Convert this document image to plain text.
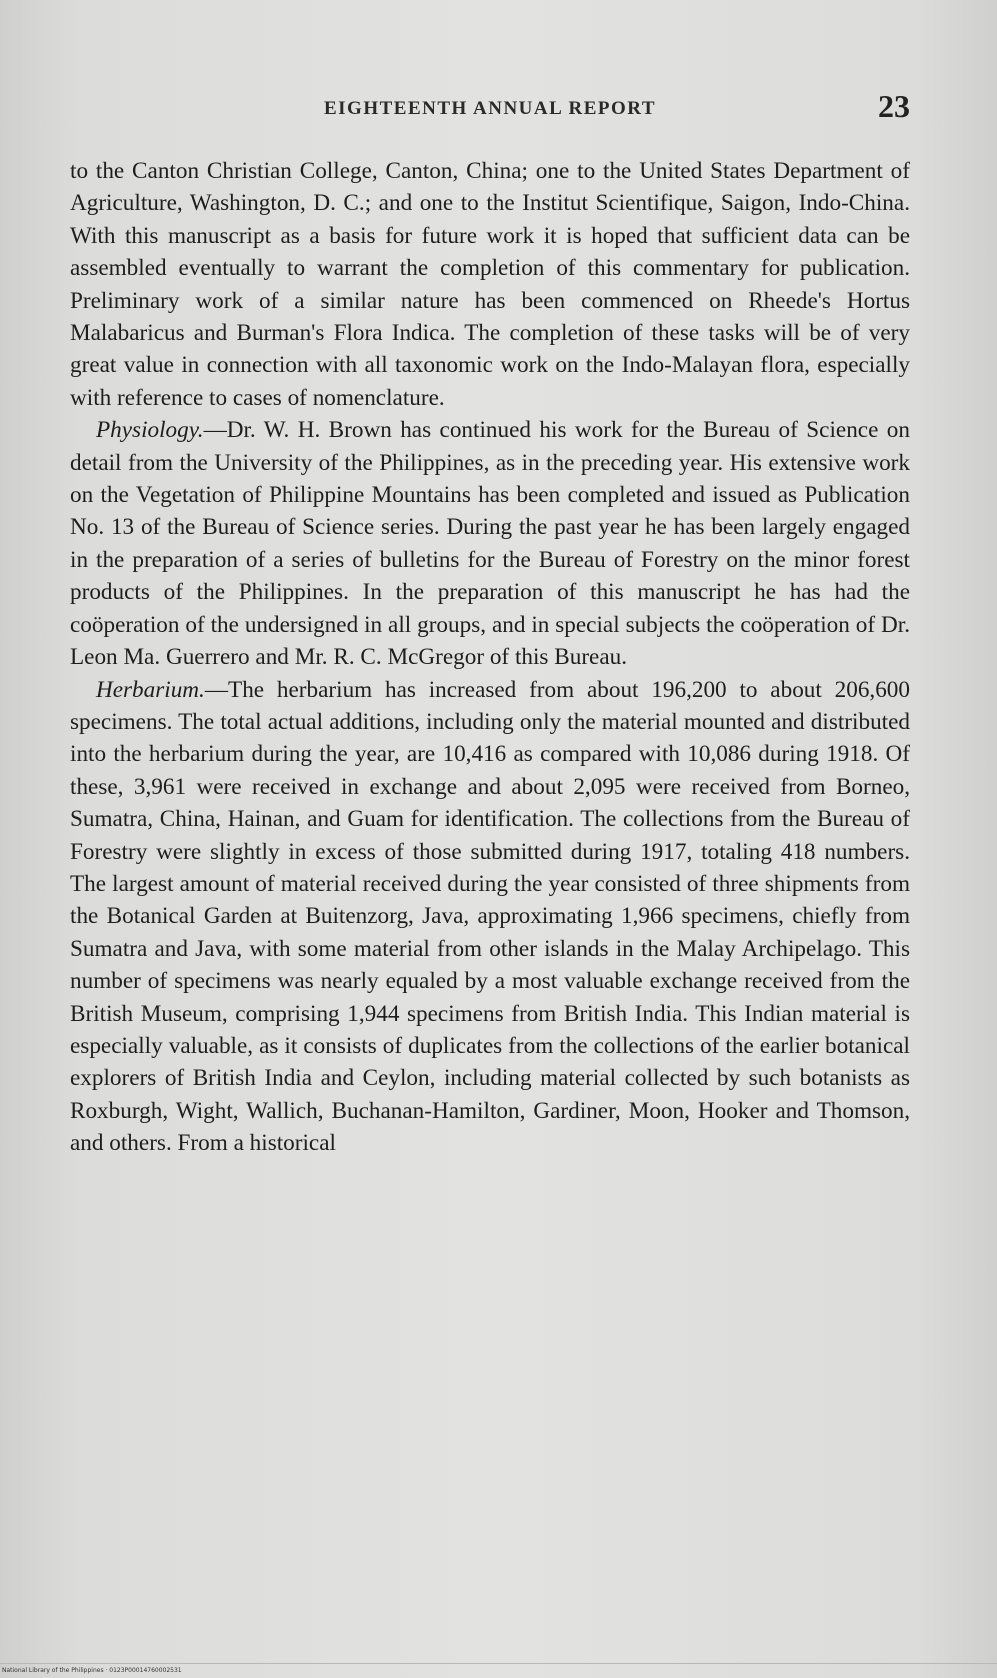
EIGHTEENTH ANNUAL REPORT	23

to the Canton Christian College, Canton, China; one to the United States Department of Agriculture, Washington, D. C.; and one to the Institut Scientifique, Saigon, Indo-China. With this manuscript as a basis for future work it is hoped that sufficient data can be assembled eventually to warrant the completion of this commentary for publication. Preliminary work of a similar nature has been commenced on Rheede's Hortus Malabaricus and Burman's Flora Indica. The completion of these tasks will be of very great value in connection with all taxonomic work on the Indo-Malayan flora, especially with reference to cases of nomenclature.

Physiology.—Dr. W. H. Brown has continued his work for the Bureau of Science on detail from the University of the Philippines, as in the preceding year. His extensive work on the Vegetation of Philippine Mountains has been completed and issued as Publication No. 13 of the Bureau of Science series. During the past year he has been largely engaged in the preparation of a series of bulletins for the Bureau of Forestry on the minor forest products of the Philippines. In the preparation of this manuscript he has had the coöperation of the undersigned in all groups, and in special subjects the coöperation of Dr. Leon Ma. Guerrero and Mr. R. C. McGregor of this Bureau.

Herbarium.—The herbarium has increased from about 196,200 to about 206,600 specimens. The total actual additions, including only the material mounted and distributed into the herbarium during the year, are 10,416 as compared with 10,086 during 1918. Of these, 3,961 were received in exchange and about 2,095 were received from Borneo, Sumatra, China, Hainan, and Guam for identification. The collections from the Bureau of Forestry were slightly in excess of those submitted during 1917, totaling 418 numbers. The largest amount of material received during the year consisted of three shipments from the Botanical Garden at Buitenzorg, Java, approximating 1,966 specimens, chiefly from Sumatra and Java, with some material from other islands in the Malay Archipelago. This number of specimens was nearly equaled by a most valuable exchange received from the British Museum, comprising 1,944 specimens from British India. This Indian material is especially valuable, as it consists of duplicates from the collections of the earlier botanical explorers of British India and Ceylon, including material collected by such botanists as Roxburgh, Wight, Wallich, Buchanan-Hamilton, Gardiner, Moon, Hooker and Thomson, and others. From a historical

National Library of the Philippines · 0123P00014760002531
